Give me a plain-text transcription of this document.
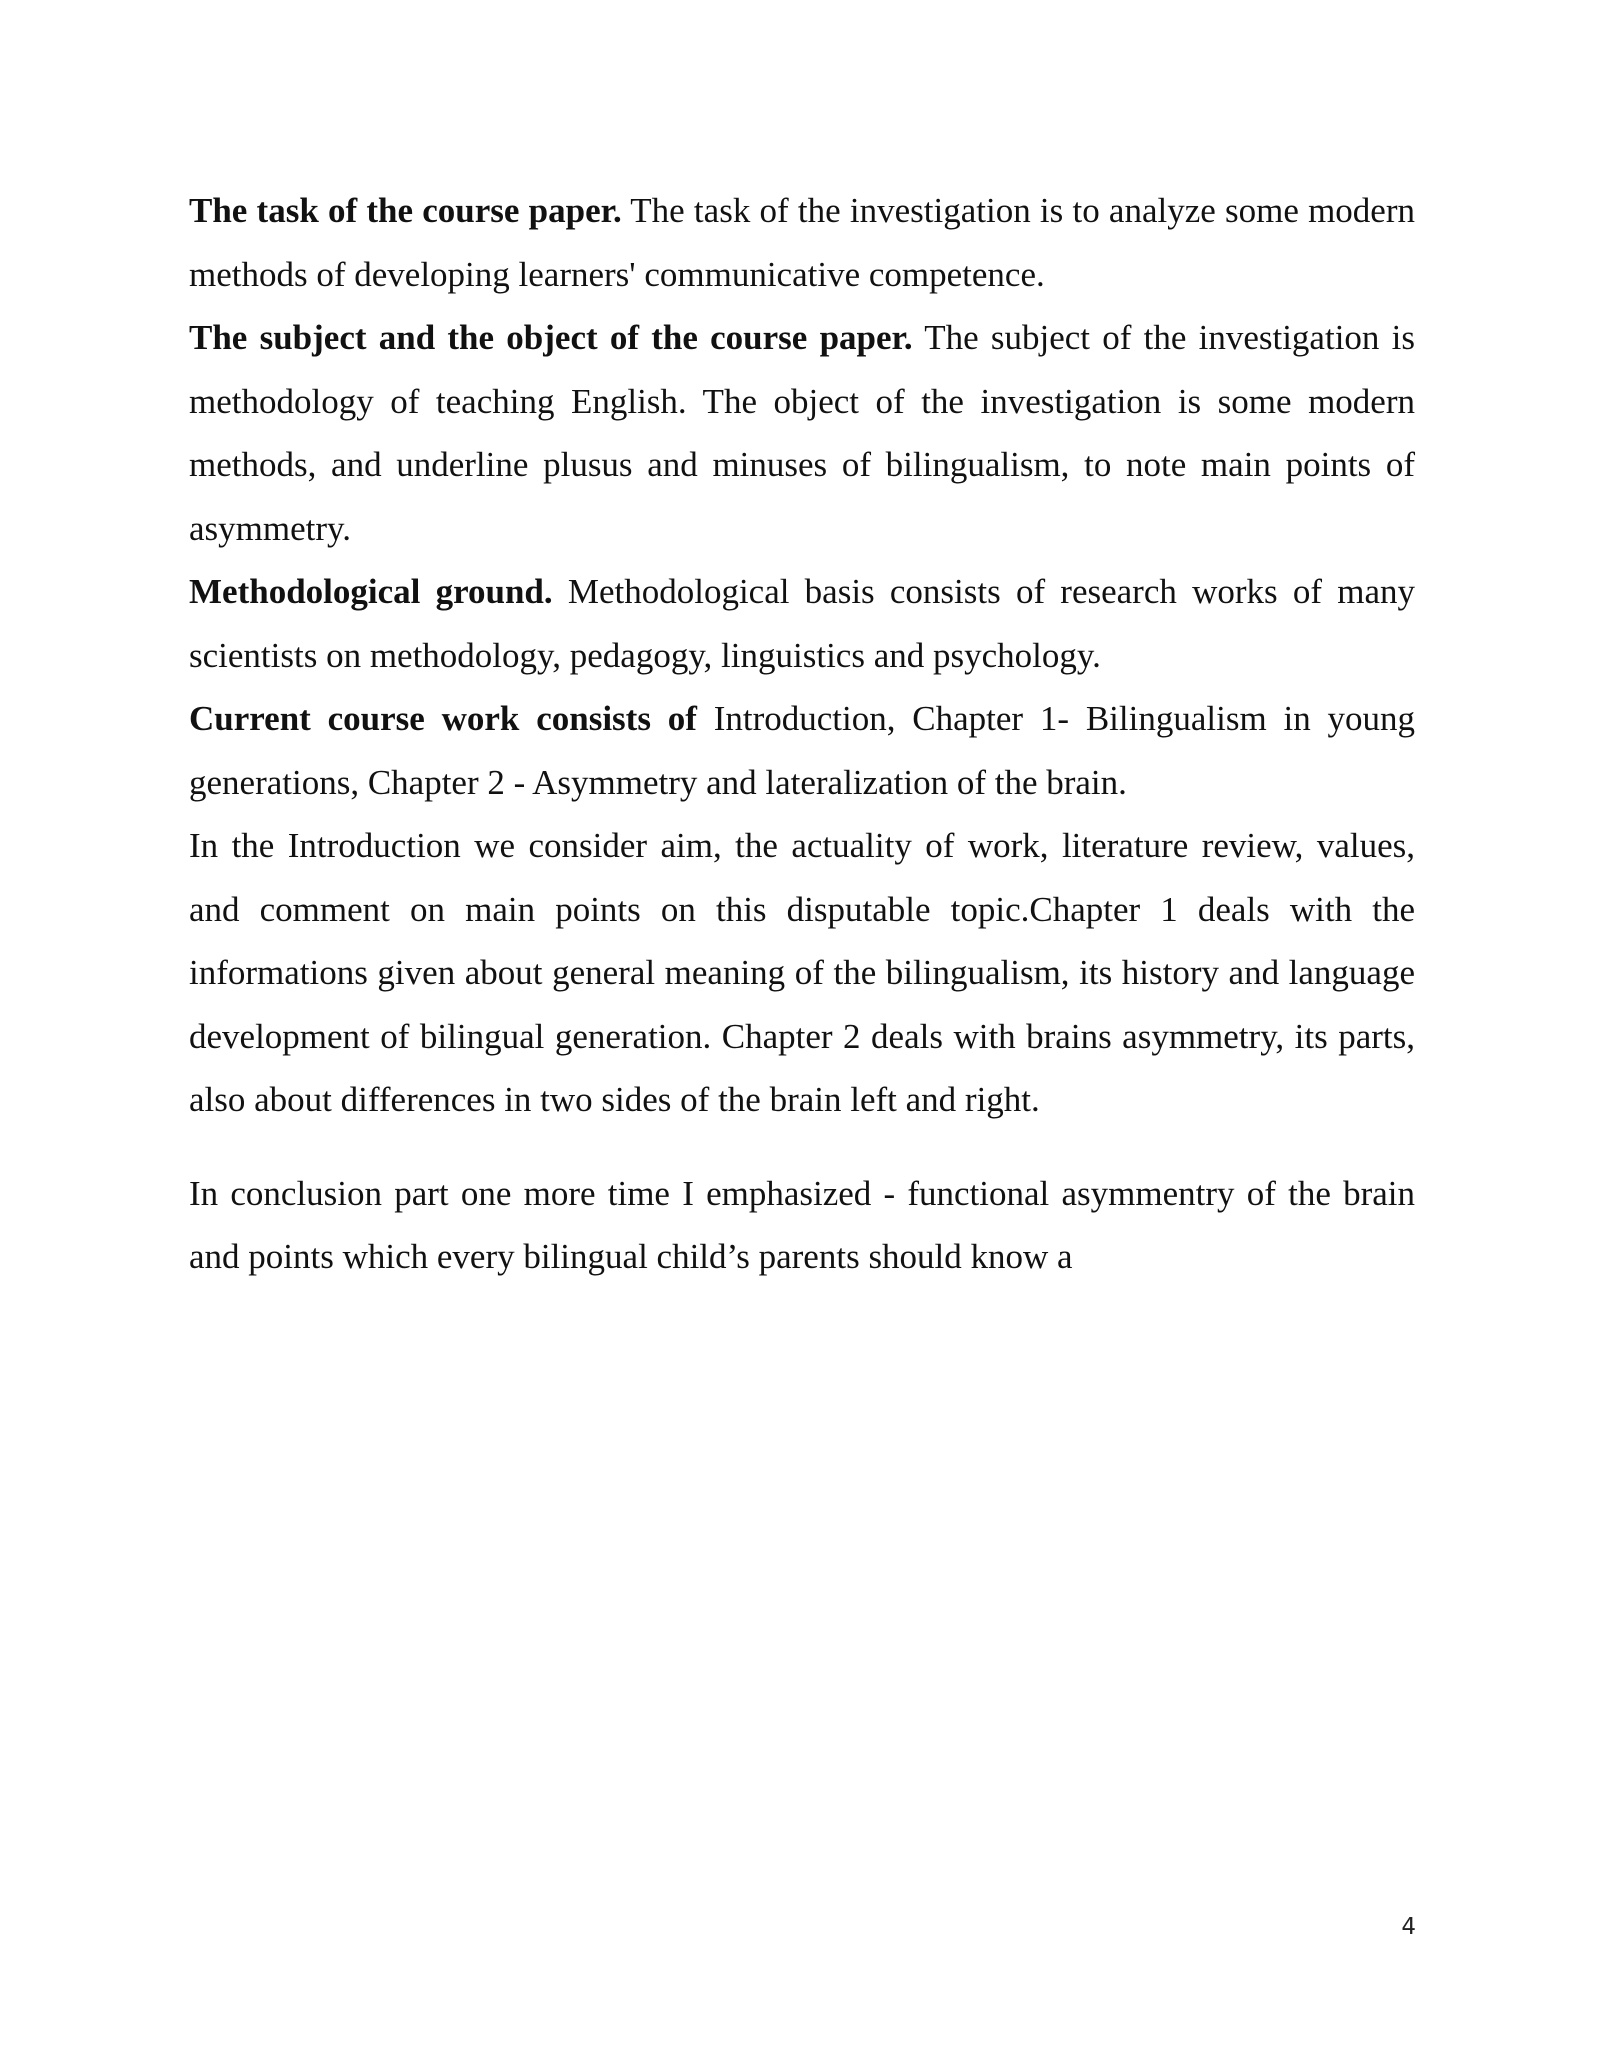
The task of the course paper. The task of the investigation is to analyze some modern methods of developing learners' communicative competence.

The subject and the object of the course paper. The subject of the investigation is methodology of teaching English. The object of the investigation is some modern methods, and underline plusus and minuses of bilingualism, to note main points of asymmetry.

Methodological ground. Methodological basis consists of research works of many scientists on methodology, pedagogy, linguistics and psychology.

Current course work consists of Introduction, Chapter 1- Bilingualism in young generations, Chapter 2 - Asymmetry and lateralization of the brain.

In the Introduction we consider aim, the actuality of work, literature review, values, and comment on main points on this disputable topic.Chapter 1 deals with the informations given about general meaning of the bilingualism, its history and language development of bilingual generation. Chapter 2 deals with brains asymmetry, its parts, also about differences in two sides of the brain left and right.

In conclusion part one more time I emphasized - functional asymmentry of the brain and points which every bilingual child’s parents should know a

4
